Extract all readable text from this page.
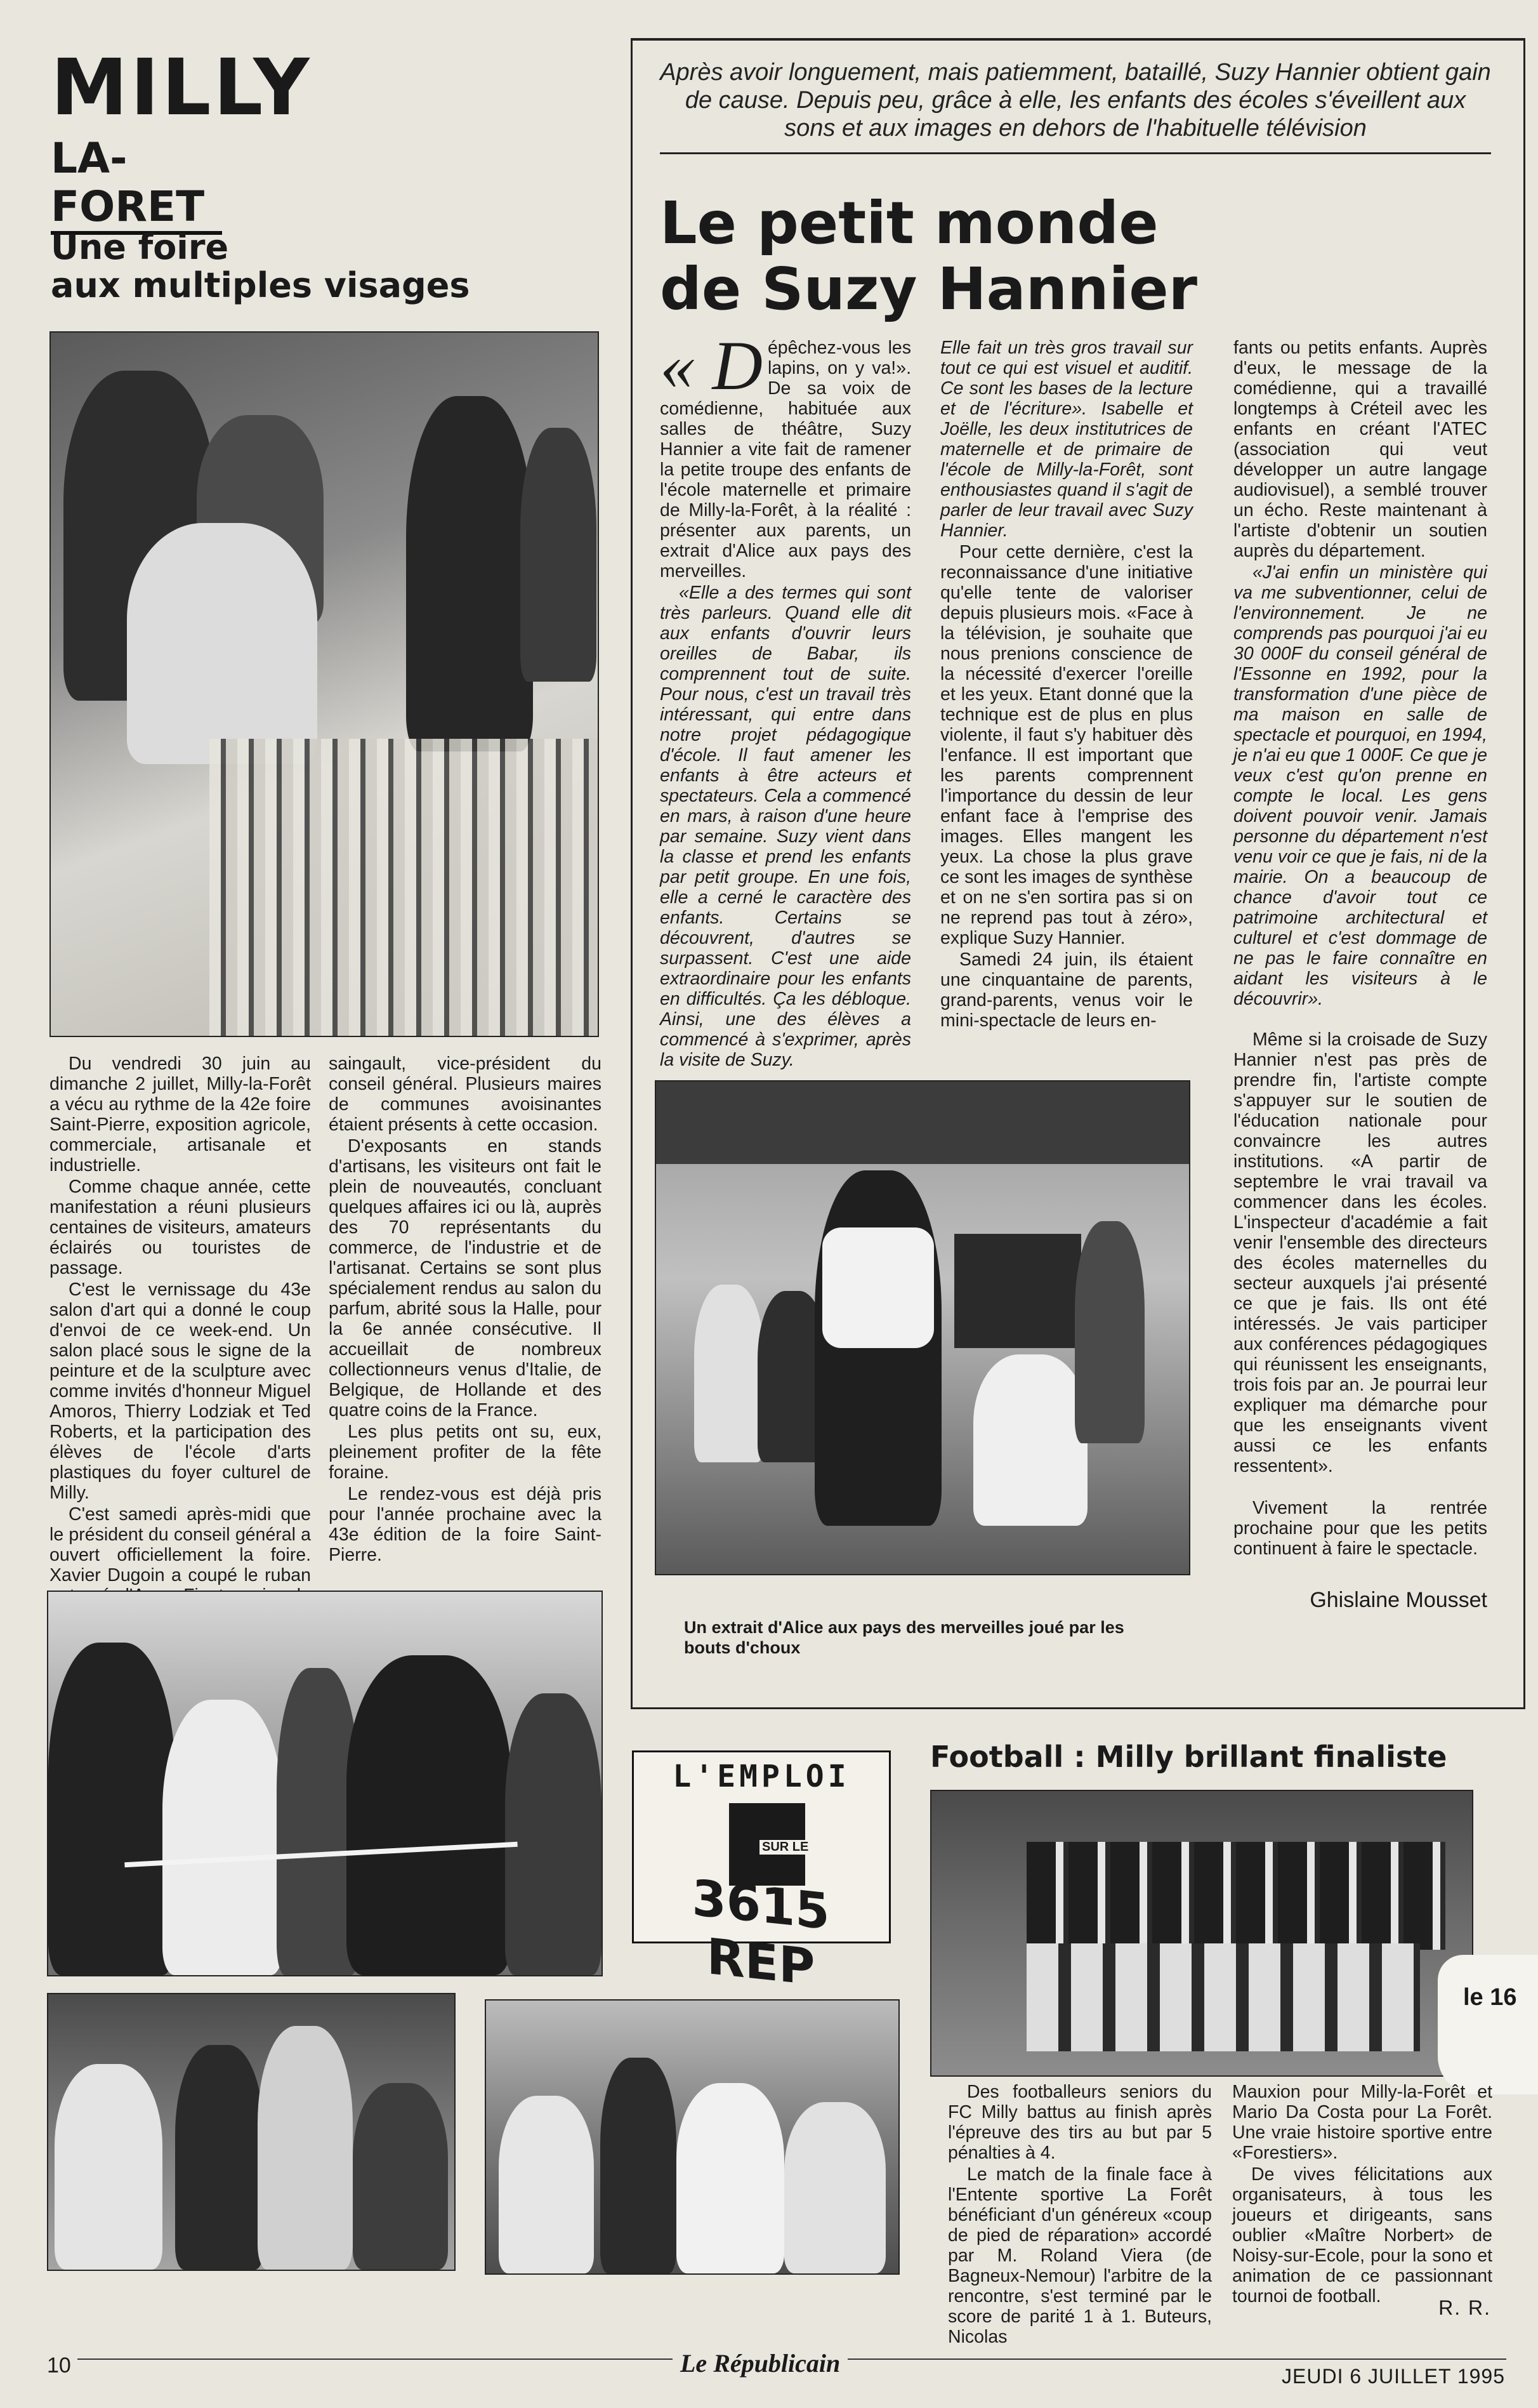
MILLY
LA-FORET
Une foire
aux multiples visages

Du vendredi 30 juin au dimanche 2 juillet, Milly-la-Forêt a vécu au rythme de la 42e foire Saint-Pierre, exposition agricole, commerciale, artisanale et industrielle.

Comme chaque année, cette manifestation a réuni plusieurs centaines de visiteurs, amateurs éclairés ou touristes de passage.

C'est le vernissage du 43e salon d'art qui a donné le coup d'envoi de ce week-end. Un salon placé sous le signe de la peinture et de la sculpture avec comme invités d'honneur Miguel Amoros, Thierry Lodziak et Ted Roberts, et la participation des élèves de l'école d'arts plastiques du foyer culturel de Milly.

C'est samedi après-midi que le président du conseil général a ouvert officiellement la foire. Xavier Dugoin a coupé le ruban

saingault, vice-président du conseil général. Plusieurs maires de communes avoisinantes étaient présents à cette occasion.

D'exposants en stands d'artisans, les visiteurs ont fait le plein de nouveautés, concluant quelques affaires ici ou là, auprès des 70 représentants du commerce, de l'industrie et de l'artisanat. Certains se sont plus spécialement rendus au salon du parfum, abrité sous la Halle, pour la 6e année consécutive. Il accueillait de nombreux collectionneurs venus d'Italie, de Belgique, de Hollande et des quatre coins de la France.

Les plus petits ont su, eux, pleinement profiter de la fête foraine.

Le rendez-vous est déjà pris pour l'année prochaine avec la 43e édition de la foire Saint-Pierre.

Après avoir longuement, mais patiemment, bataillé, Suzy Hannier obtient gain de cause. Depuis peu, grâce à elle, les enfants des écoles s'éveillent aux sons et aux images en dehors de l'habituelle télévision
Le petit monde
de Suzy Hannier

« D épêchez-vous les lapins, on y va!». De sa voix de comédienne, habituée aux salles de théâtre, Suzy Hannier a vite fait de ramener la petite troupe des enfants de l'école maternelle et primaire de Milly-la-Forêt, à la réalité : présenter aux parents, un extrait d'Alice aux pays des merveilles.

«Elle a des termes qui sont très parleurs. Quand elle dit aux enfants d'ouvrir leurs oreilles de Babar, ils comprennent tout de suite. Pour nous, c'est un travail très intéressant, qui entre dans notre projet pédagogique d'école. Il faut amener les enfants à être acteurs et spectateurs. Cela a commencé en mars, à raison d'une heure par semaine. Suzy vient dans la classe et prend les enfants par petit groupe. En une fois, elle a cerné le caractère des enfants. Certains se découvrent, d'autres se surpassent. C'est une aide extraordinaire pour les enfants en difficultés. Ça les débloque. Ainsi, une des élèves a commencé à s'exprimer, après la visite de Suzy.

Elle fait un très gros travail sur tout ce qui est visuel et auditif. Ce sont les bases de la lecture et de l'écriture». Isabelle et Joëlle, les deux institutrices de maternelle et de primaire de l'école de Milly-la-Forêt, sont enthousiastes quand il s'agit de parler de leur travail avec Suzy Hannier.

Pour cette dernière, c'est la reconnaissance d'une initiative qu'elle tente de valoriser depuis plusieurs mois. «Face à la télévision, je souhaite que nous prenions conscience de la nécessité d'exercer l'oreille et les yeux. Etant donné que la technique est de plus en plus violente, il faut s'y habituer dès l'enfance. Il est important que les parents comprennent l'importance du dessin de leur enfant face à l'emprise des images. Elles mangent les yeux. La chose la plus grave ce sont les images de synthèse et on ne s'en sortira pas si on ne reprend pas tout à zéro», explique Suzy Hannier.

Samedi 24 juin, ils étaient une cinquantaine de parents, grand-parents, venus voir le mini-spectacle de leurs en-

fants ou petits enfants. Auprès d'eux, le message de la comédienne, qui a travaillé longtemps à Créteil avec les enfants en créant l'ATEC (association qui veut développer un autre langage audiovisuel), a semblé trouver un écho. Reste maintenant à l'artiste d'obtenir un soutien auprès du département.

«J'ai enfin un ministère qui va me subventionner, celui de l'environnement. Je ne comprends pas pourquoi j'ai eu 30 000F du conseil général de l'Essonne en 1992, pour la transformation d'une pièce de ma maison en salle de spectacle et pourquoi, en 1994, je n'ai eu que 1 000F. Ce que je veux c'est qu'on prenne en compte le local. Les gens doivent pouvoir venir. Jamais personne du département n'est venu voir ce que je fais, ni de la mairie. On a beaucoup de chance d'avoir tout ce patrimoine architectural et culturel et c'est dommage de ne pas le faire connaître en aidant les visiteurs à le découvrir».

Un extrait d'Alice aux pays des merveilles joué par les bouts d'choux

Même si la croisade de Suzy Hannier n'est pas près de prendre fin, l'artiste compte s'appuyer sur le soutien de l'éducation nationale pour convaincre les autres institutions. «A partir de septembre le vrai travail va commencer dans les écoles. L'inspecteur d'académie a fait venir l'ensemble des directeurs des écoles maternelles du secteur auxquels j'ai présenté ce que je fais. Ils ont été intéressés. Je vais participer aux conférences pédagogiques qui réunissent les enseignants, trois fois par an. Je pourrai leur expliquer ma démarche pour que les enseignants vivent aussi ce les enfants ressentent».

Vivement la rentrée prochaine pour que les petits continuent à faire le spectacle.

Ghislaine Mousset
L'EMPLOI
SUR LE
3615 REP
Football : Milly brillant finaliste
le 16

Des footballeurs seniors du FC Milly battus au finish après l'épreuve des tirs au but par 5 pénalties à 4.

Le match de la finale face à l'Entente sportive La Forêt bénéficiant d'un généreux «coup de pied de réparation» accordé par M. Roland Viera (de Bagneux-Nemour) l'arbitre de la rencontre, s'est terminé par le score de parité 1 à 1. Buteurs, Nicolas

Mauxion pour Milly-la-Forêt et Mario Da Costa pour La Forêt. Une vraie histoire sportive entre «Forestiers».

De vives félicitations aux organisateurs, à tous les joueurs et dirigeants, sans oublier «Maître Norbert» de Noisy-sur-Ecole, pour la sono et animation de ce passionnant tournoi de football.	R. R.
10	Le Républicain	JEUDI 6 JUILLET 1995
